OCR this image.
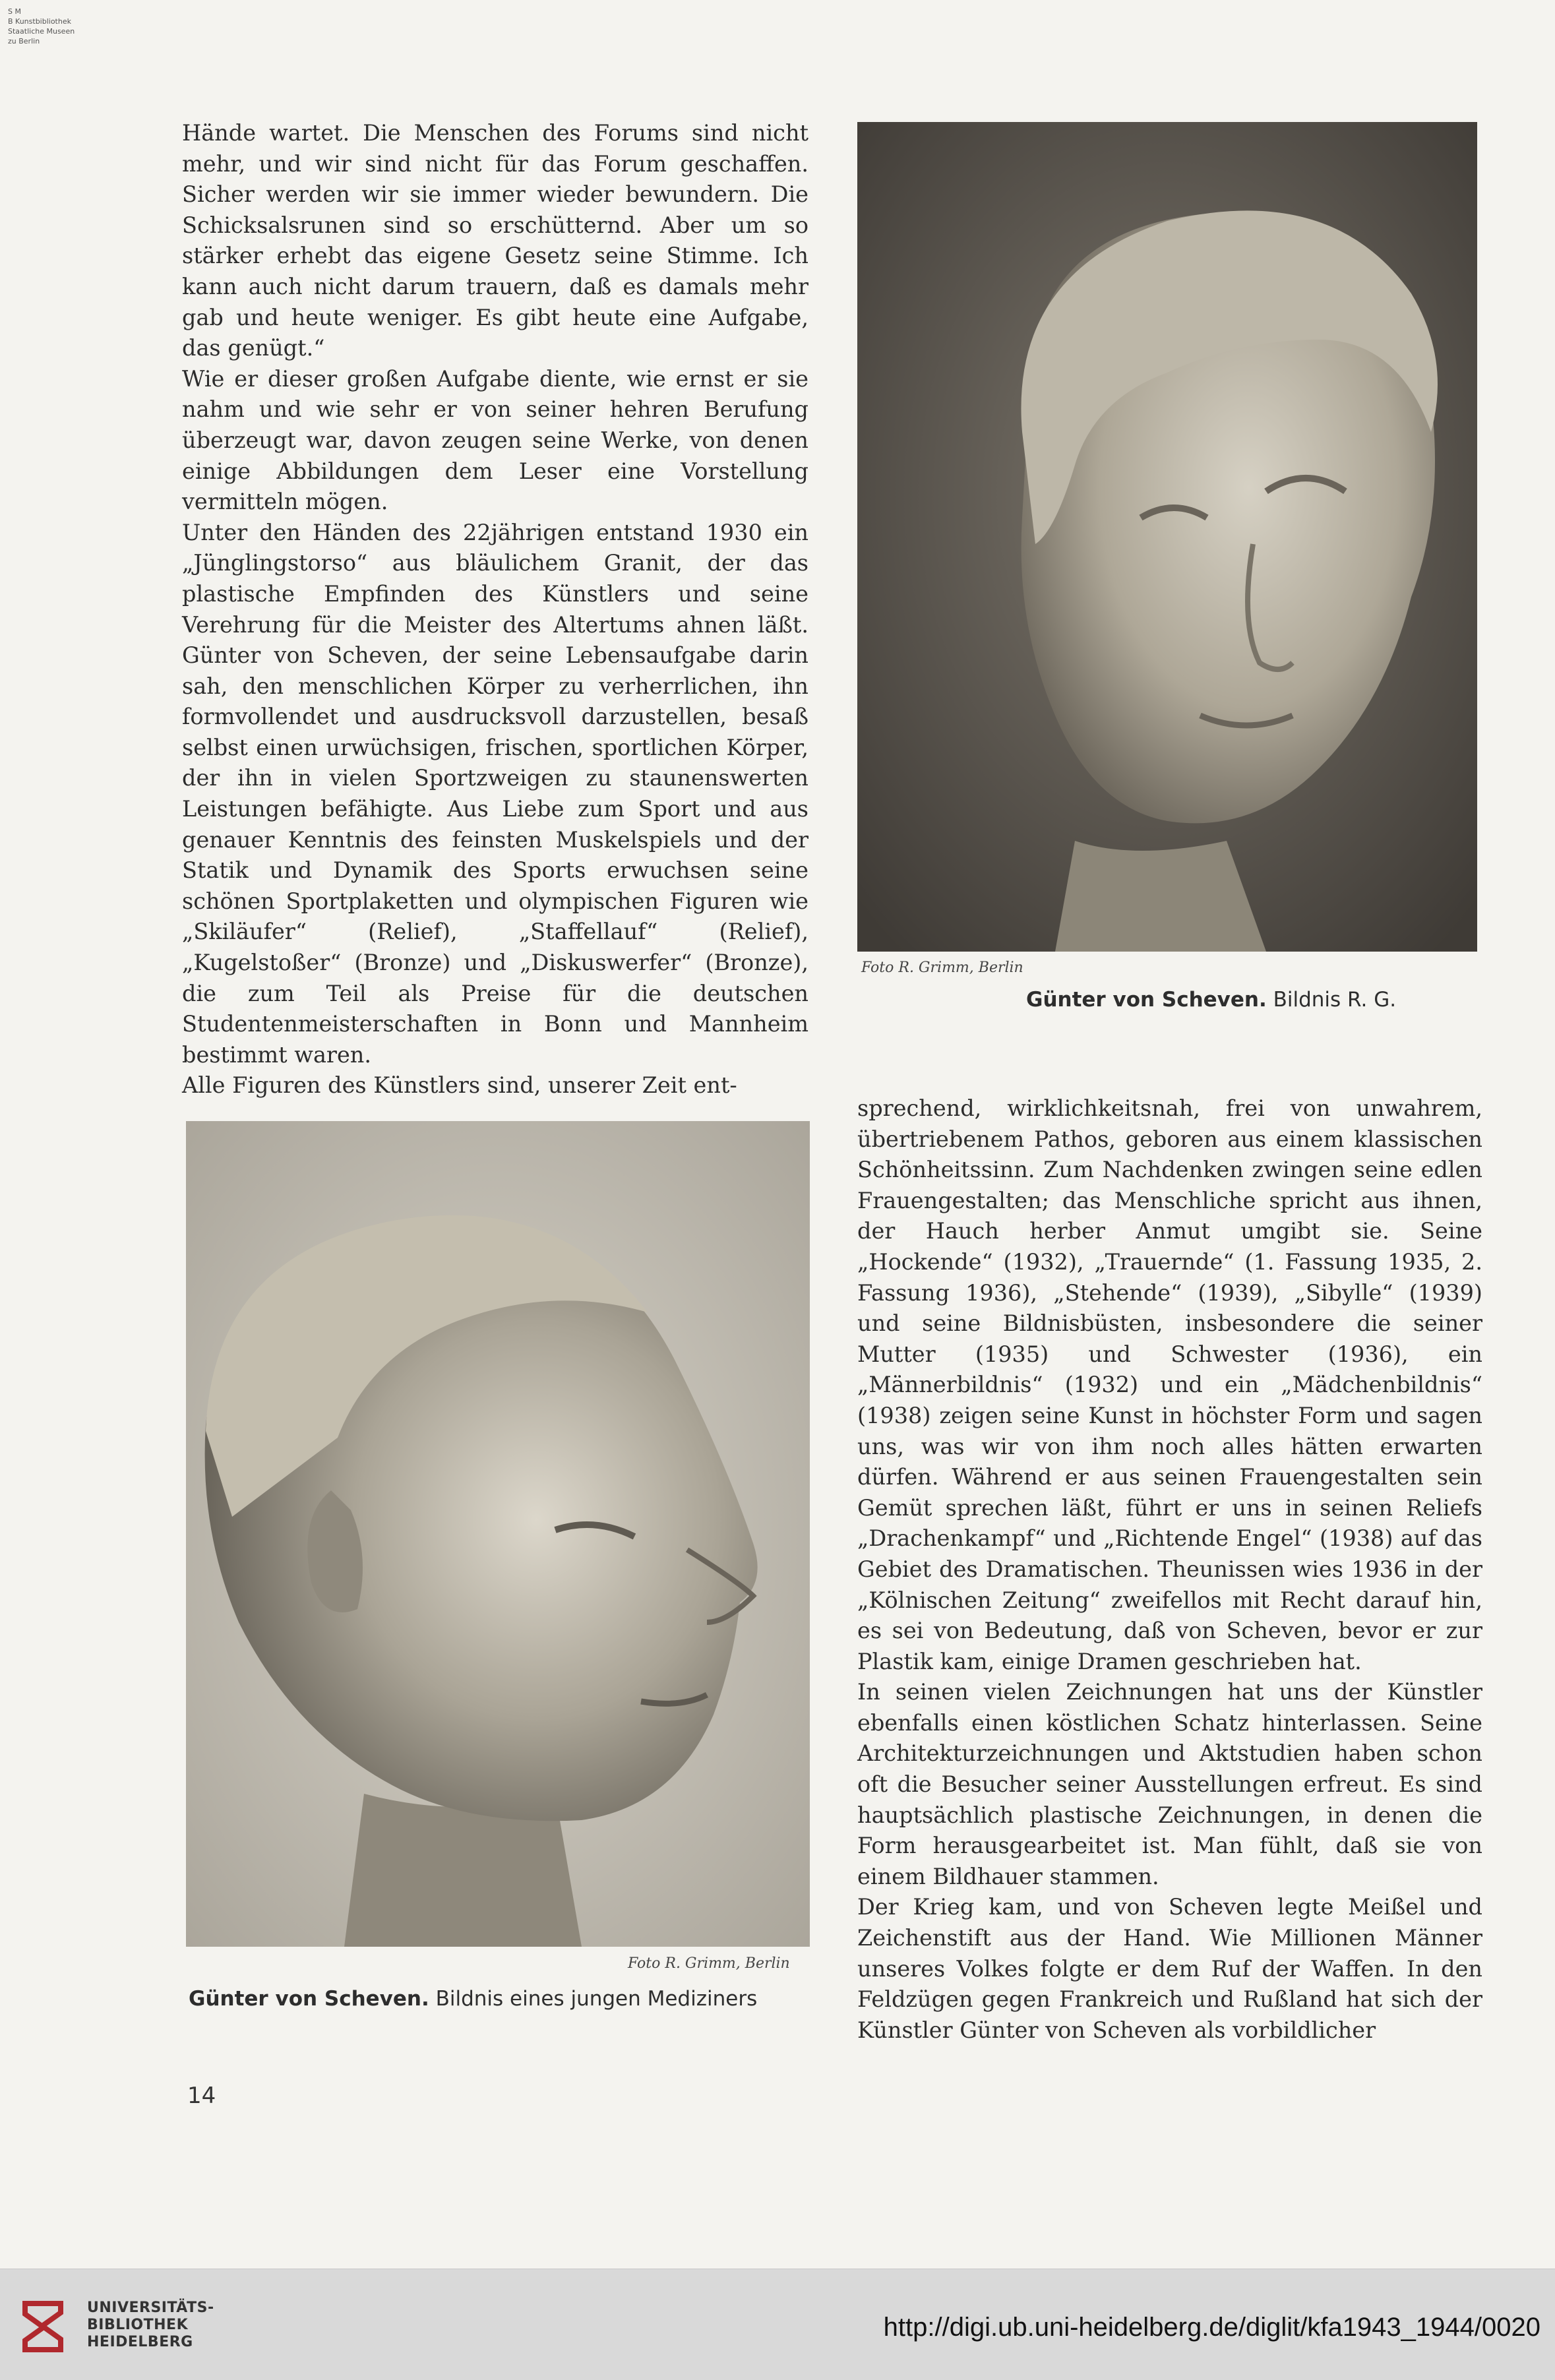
S M
B Kunstbibliothek
Staatliche Museen
zu Berlin

Hände wartet. Die Menschen des Forums sind nicht mehr, und wir sind nicht für das Forum geschaffen. Sicher werden wir sie immer wieder bewundern. Die Schicksalsrunen sind so erschütternd. Aber um so stärker erhebt das eigene Gesetz seine Stimme. Ich kann auch nicht darum trauern, daß es damals mehr gab und heute weniger. Es gibt heute eine Aufgabe, das genügt.“

Wie er dieser großen Aufgabe diente, wie ernst er sie nahm und wie sehr er von seiner hehren Berufung überzeugt war, davon zeugen seine Werke, von denen einige Abbildungen dem Leser eine Vorstellung vermitteln mögen.

Unter den Händen des 22jährigen entstand 1930 ein „Jünglingstorso“ aus bläulichem Granit, der das plastische Empfinden des Künstlers und seine Verehrung für die Meister des Altertums ahnen läßt. Günter von Scheven, der seine Lebensaufgabe darin sah, den menschlichen Körper zu verherrlichen, ihn formvollendet und ausdrucksvoll darzustellen, besaß selbst einen urwüchsigen, frischen, sportlichen Körper, der ihn in vielen Sportzweigen zu staunenswerten Leistungen befähigte. Aus Liebe zum Sport und aus genauer Kenntnis des feinsten Muskelspiels und der Statik und Dynamik des Sports erwuchsen seine schönen Sportplaketten und olympischen Figuren wie „Skiläufer“ (Relief), „Staffellauf“ (Relief), „Kugelstoßer“ (Bronze) und „Diskuswerfer“ (Bronze), die zum Teil als Preise für die deutschen Studentenmeisterschaften in Bonn und Mannheim bestimmt waren.

Alle Figuren des Künstlers sind, unserer Zeit ent-

Foto R. Grimm, Berlin
Günter von Scheven. Bildnis R. G.
Foto R. Grimm, Berlin
Günter von Scheven. Bildnis eines jungen Mediziners

sprechend, wirklichkeitsnah, frei von unwahrem, übertriebenem Pathos, geboren aus einem klassischen Schönheitssinn. Zum Nachdenken zwingen seine edlen Frauengestalten; das Menschliche spricht aus ihnen, der Hauch herber Anmut umgibt sie. Seine „Hockende“ (1932), „Trauernde“ (1. Fassung 1935, 2. Fassung 1936), „Stehende“ (1939), „Sibylle“ (1939) und seine Bildnisbüsten, insbesondere die seiner Mutter (1935) und Schwester (1936), ein „Männerbildnis“ (1932) und ein „Mädchenbildnis“ (1938) zeigen seine Kunst in höchster Form und sagen uns, was wir von ihm noch alles hätten erwarten dürfen. Während er aus seinen Frauengestalten sein Gemüt sprechen läßt, führt er uns in seinen Reliefs „Drachenkampf“ und „Richtende Engel“ (1938) auf das Gebiet des Dramatischen. Theunissen wies 1936 in der „Kölnischen Zeitung“ zweifellos mit Recht darauf hin, es sei von Bedeutung, daß von Scheven, bevor er zur Plastik kam, einige Dramen geschrieben hat.

In seinen vielen Zeichnungen hat uns der Künstler ebenfalls einen köstlichen Schatz hinterlassen. Seine Architekturzeichnungen und Aktstudien haben schon oft die Besucher seiner Ausstellungen erfreut. Es sind hauptsächlich plastische Zeichnungen, in denen die Form herausgearbeitet ist. Man fühlt, daß sie von einem Bildhauer stammen.

Der Krieg kam, und von Scheven legte Meißel und Zeichenstift aus der Hand. Wie Millionen Männer unseres Volkes folgte er dem Ruf der Waffen. In den Feldzügen gegen Frankreich und Rußland hat sich der Künstler Günter von Scheven als vorbildlicher

14
UNIVERSITÄTS-
BIBLIOTHEK
HEIDELBERG
http://digi.ub.uni-heidelberg.de/diglit/kfa1943_1944/0020
